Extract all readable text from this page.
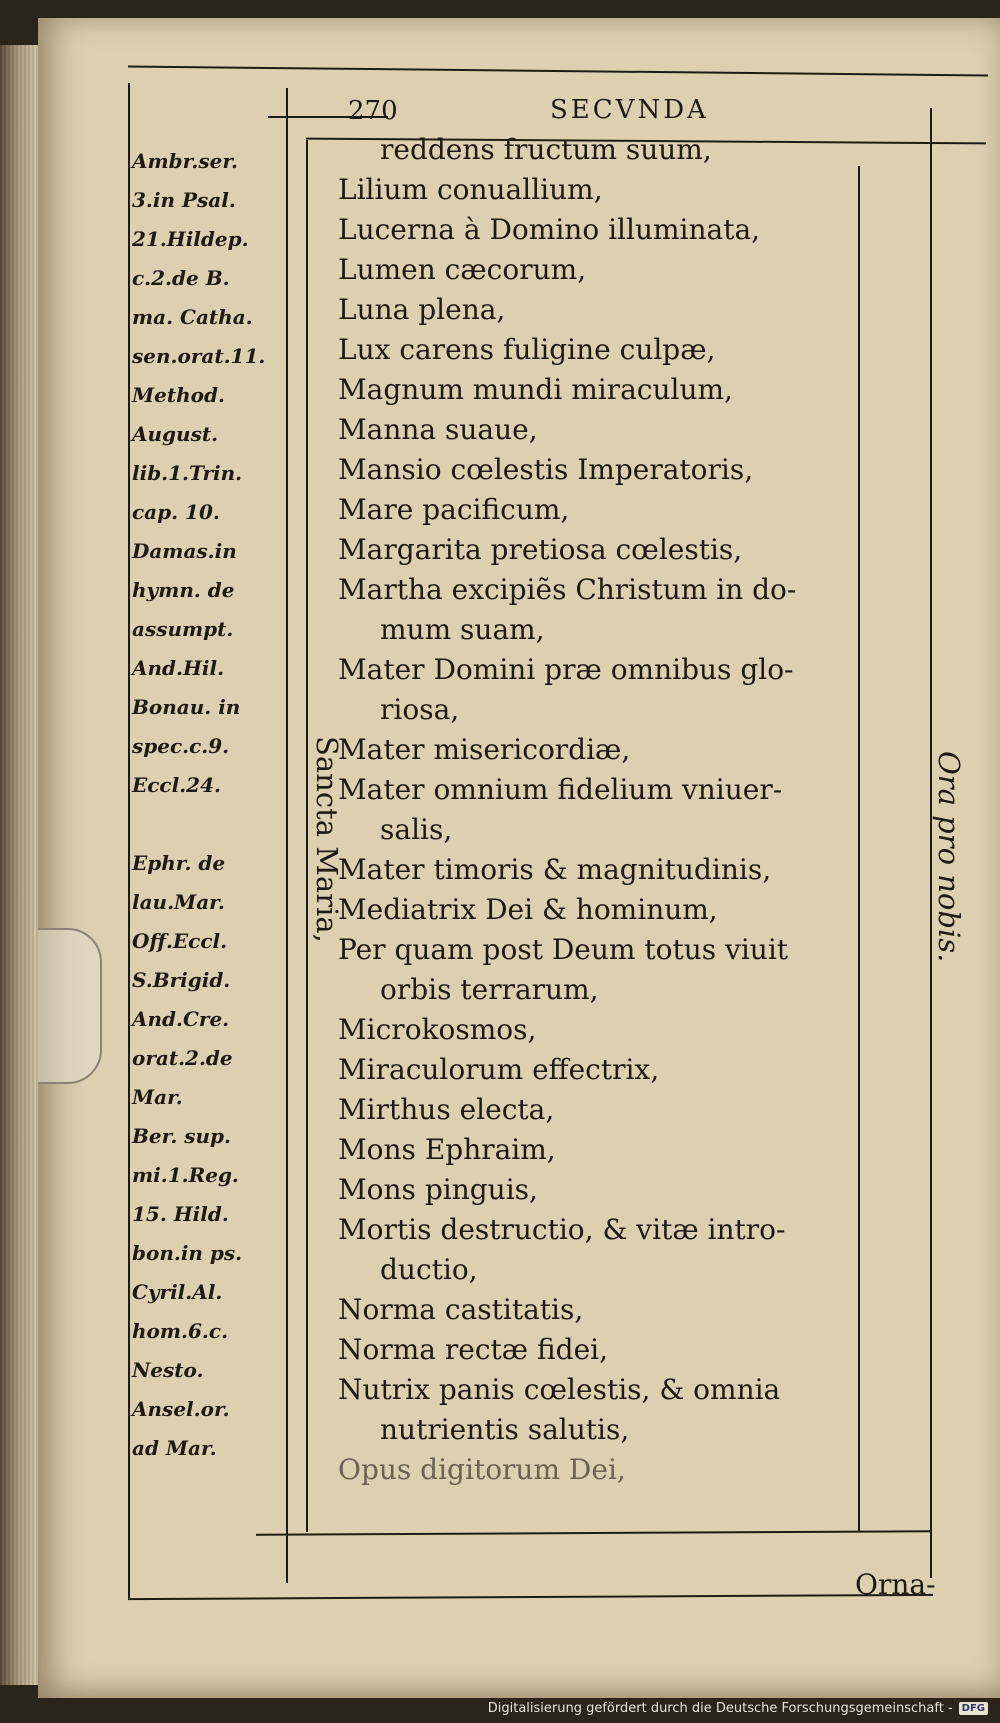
270	SECVNDA
Ambr.ser.
3.in Psal.
21.Hildep.
c.2.de B.
ma. Catha.
sen.orat.11.
Method.
August.
lib.1.Trin.
cap. 10.
Damas.in
hymn. de
assumpt.
And.Hil.
Bonau. in
spec.c.9.
Eccl.24.
Ephr. de
lau.Mar.
Off.Eccl.
S.Brigid.
And.Cre.
orat.2.de
Mar.
Ber. sup.
mi.1.Reg.
15. Hild.
bon.in ps.
Cyril.Al.
hom.6.c.
Nesto.
Ansel.or.
ad Mar.
Sancta Maria,	Ora pro nobis.
reddens fructum suum,
Lilium conuallium,
Lucerna à Domino illuminata,
Lumen cæcorum,
Luna plena,
Lux carens fuligine culpæ,
Magnum mundi miraculum,
Manna suaue,
Mansio cœlestis Imperatoris,
Mare pacificum,
Margarita pretiosa cœlestis,
Martha excipiẽs Christum in do-
mum suam,
Mater Domini præ omnibus glo-
riosa,
Mater misericordiæ,
Mater omnium fidelium vniuer-
salis,
Mater timoris & magnitudinis,
Mediatrix Dei & hominum,
Per quam post Deum totus viuit
orbis terrarum,
Microkosmos,
Miraculorum effectrix,
Mirthus electa,
Mons Ephraim,
Mons pinguis,
Mortis destructio, & vitæ intro-
ductio,
Norma castitatis,
Norma rectæ fidei,
Nutrix panis cœlestis, & omnia
nutrientis salutis,
Opus digitorum Dei,
Orna-
Digitalisierung gefördert durch die Deutsche Forschungsgemeinschaft - DFG
